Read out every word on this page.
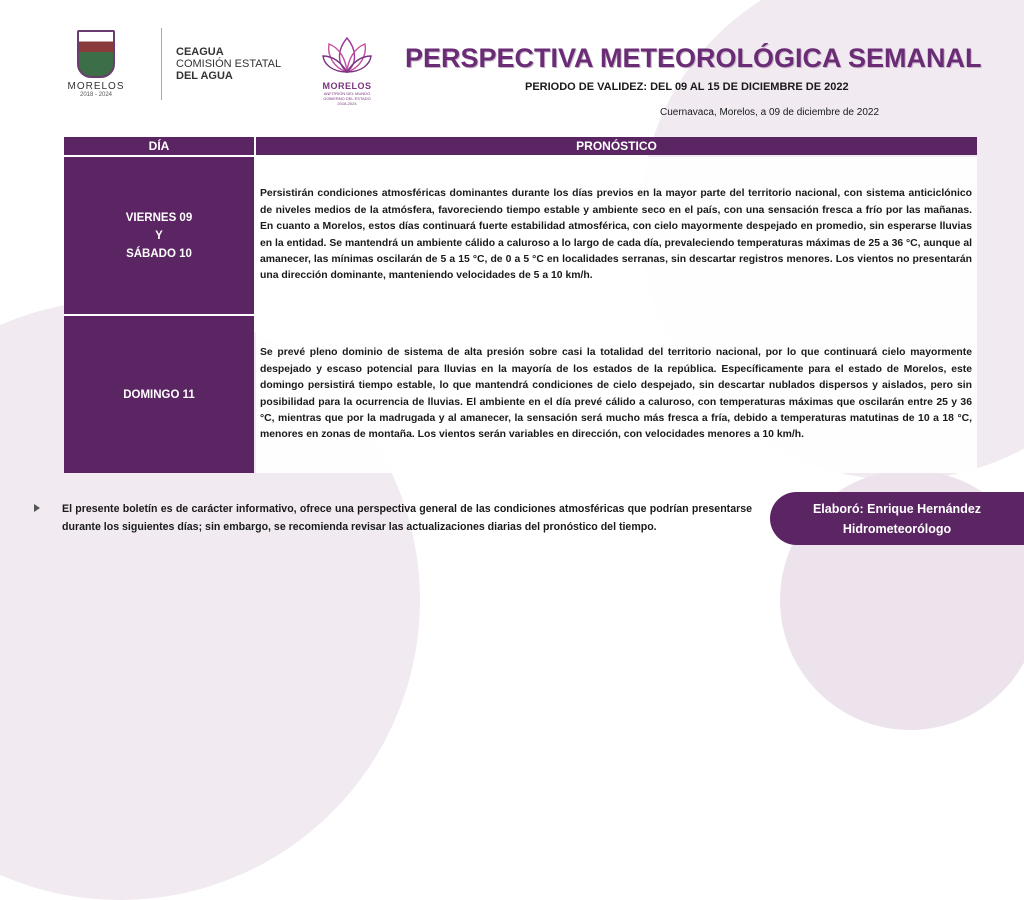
MORELOS
2018 - 2024
CEAGUA
COMISIÓN ESTATAL
DEL AGUA
MORELOS
ANFITRIÓN DEL MUNDO
GOBIERNO DEL ESTADO
2018-2024
PERSPECTIVA METEOROLÓGICA SEMANAL
PERIODO DE VALIDEZ: DEL 09 AL 15 DE DICIEMBRE DE 2022
Cuernavaca, Morelos, a 09 de diciembre de 2022
DÍA	PRONÓSTICO
VIERNES 09
Y
SÁBADO 10

Persistirán condiciones atmosféricas dominantes durante los días previos en la mayor parte del territorio nacional, con sistema anticiclónico de niveles medios de la atmósfera, favoreciendo tiempo estable y ambiente seco en el país, con una sensación fresca a frío por las mañanas. En cuanto a Morelos, estos días continuará fuerte estabilidad atmosférica, con cielo mayormente despejado en promedio, sin esperarse lluvias en la entidad. Se mantendrá un ambiente cálido a caluroso a lo largo de cada día, prevaleciendo temperaturas máximas de 25 a 36 °C, aunque al amanecer, las mínimas oscilarán de 5 a 15 °C, de 0 a 5 °C en localidades serranas, sin descartar registros menores. Los vientos no presentarán una dirección dominante, manteniendo velocidades de 5 a 10 km/h.

DOMINGO 11

Se prevé pleno dominio de sistema de alta presión sobre casi la totalidad del territorio nacional, por lo que continuará cielo mayormente despejado y escaso potencial para lluvias en la mayoría de los estados de la república. Específicamente para el estado de Morelos, este domingo persistirá tiempo estable, lo que mantendrá condiciones de cielo despejado, sin descartar nublados dispersos y aislados, pero sin posibilidad para la ocurrencia de lluvias. El ambiente en el día prevé cálido a caluroso, con temperaturas máximas que oscilarán entre 25 y 36 °C, mientras que por la madrugada y al amanecer, la sensación será mucho más fresca a fría, debido a temperaturas matutinas de 10 a 18 °C, menores en zonas de montaña. Los vientos serán variables en dirección, con velocidades menores a 10 km/h.

El presente boletín es de carácter informativo, ofrece una perspectiva general de las condiciones atmosféricas que podrían presentarse durante los siguientes días; sin embargo, se recomienda revisar las actualizaciones diarias del pronóstico del tiempo.

Elaboró: Enrique Hernández
Hidrometeorólogo
